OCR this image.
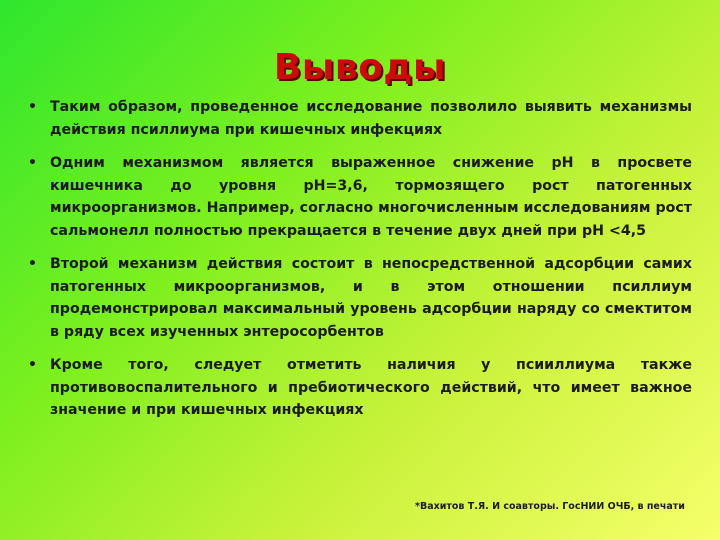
Выводы
• Таким образом, проведенное исследование позволило выявить механизмы действия псиллиума при кишечных инфекциях
• Одним механизмом является выраженное снижение pH в просвете кишечника до уровня pH=3,6, тормозящего рост патогенных микроорганизмов. Например, согласно многочисленным исследованиям рост сальмонелл полностью прекращается в течение двух дней при pH <4,5
• Второй механизм действия состоит в непосредственной адсорбции самих патогенных микроорганизмов, и в этом отношении псиллиум продемонстрировал максимальный уровень адсорбции наряду со смектитом в ряду всех изученных энтеросорбентов
• Кроме того, следует отметить наличия у псииллиума также противовоспалительного и пребиотического действий, что имеет важное значение и при кишечных инфекциях
*Вахитов Т.Я. И соавторы. ГосНИИ ОЧБ, в печати
